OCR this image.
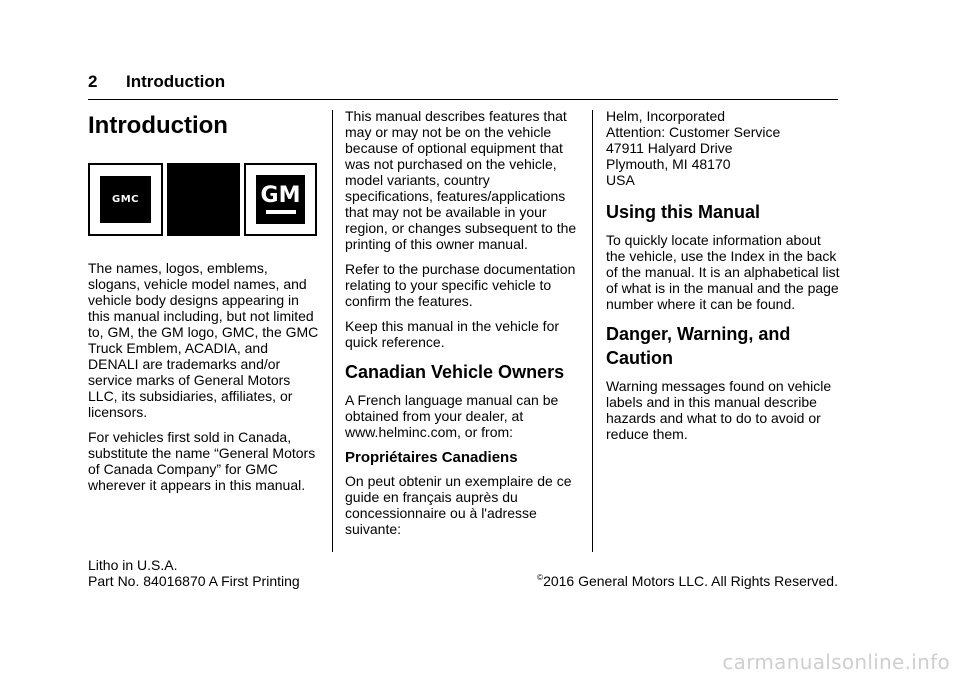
2 Introduction
Introduction
GMC	GM

The names, logos, emblems, slogans, vehicle model names, and vehicle body designs appearing in this manual including, but not limited to, GM, the GM logo, GMC, the GMC Truck Emblem, ACADIA, and DENALI are trademarks and/or service marks of General Motors LLC, its subsidiaries, affiliates, or licensors.

For vehicles first sold in Canada, substitute the name “General Motors of Canada Company” for GMC wherever it appears in this manual.

This manual describes features that may or may not be on the vehicle because of optional equipment that was not purchased on the vehicle, model variants, country specifications, features/applications that may not be available in your region, or changes subsequent to the printing of this owner manual.

Refer to the purchase documentation relating to your specific vehicle to confirm the features.

Keep this manual in the vehicle for quick reference.

Canadian Vehicle Owners

A French language manual can be obtained from your dealer, at www.helminc.com, or from:

Propriétaires Canadiens

On peut obtenir un exemplaire de ce guide en français auprès du concessionnaire ou à l'adresse suivante:

Helm, Incorporated
Attention: Customer Service
47911 Halyard Drive
Plymouth, MI 48170
USA
Using this Manual

To quickly locate information about the vehicle, use the Index in the back of the manual. It is an alphabetical list of what is in the manual and the page number where it can be found.

Danger, Warning, and
Caution

Warning messages found on vehicle labels and in this manual describe hazards and what to do to avoid or reduce them.

Litho in U.S.A.
Part No. 84016870 A First Printing	©2016 General Motors LLC. All Rights Reserved.
carmanualsonline.info
